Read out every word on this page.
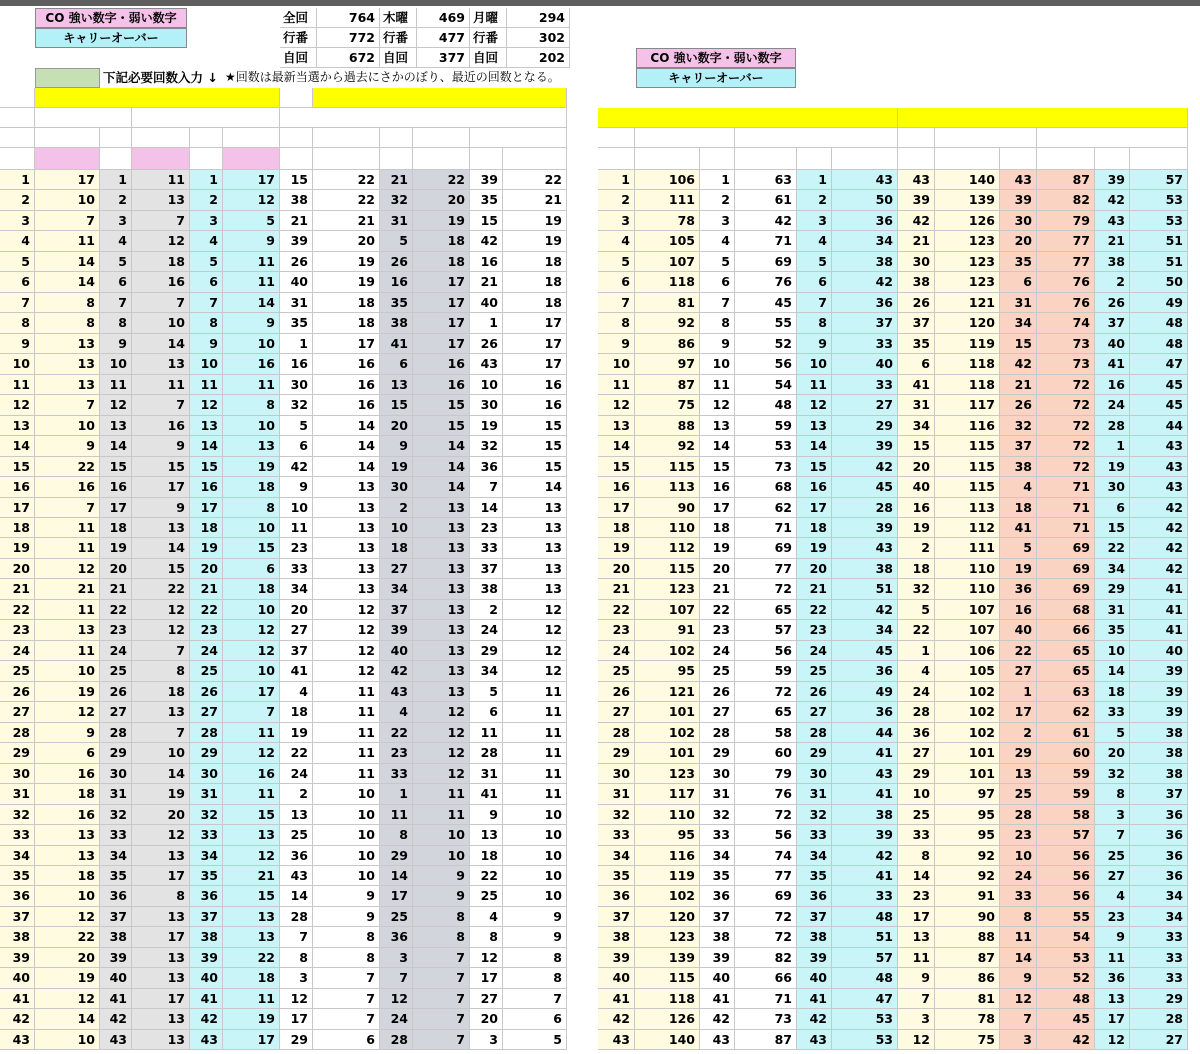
CO 強い数字・弱い数字
キャリーオーバー
CO 強い数字・弱い数字
キャリーオーバー
全回	764 木曜	469 月曜	294
行番	772 行番	477 行番	302
自回	672 自回	377 自回	202
下記必要回数入力 ↓ ★回数は最新当選から過去にさかのぼり、最近の回数となる。
1	17	1	11	1	17	15	22	21	22	39	22
2	10	2	13	2	12	38	22	32	20	35	21
3	7	3	7	3	5	21	21	31	19	15	19
4	11	4	12	4	9	39	20	5	18	42	19
5	14	5	18	5	11	26	19	26	18	16	18
6	14	6	16	6	11	40	19	16	17	21	18
7	8	7	7	7	14	31	18	35	17	40	18
8	8	8	10	8	9	35	18	38	17	1	17
9	13	9	14	9	10	1	17	41	17	26	17
10	13	10	13	10	16	16	16	6	16	43	17
11	13	11	11	11	11	30	16	13	16	10	16
12	7	12	7	12	8	32	16	15	15	30	16
13	10	13	16	13	10	5	14	20	15	19	15
14	9	14	9	14	13	6	14	9	14	32	15
15	22	15	15	15	19	42	14	19	14	36	15
16	16	16	17	16	18	9	13	30	14	7	14
17	7	17	9	17	8	10	13	2	13	14	13
18	11	18	13	18	10	11	13	10	13	23	13
19	11	19	14	19	15	23	13	18	13	33	13
20	12	20	15	20	6	33	13	27	13	37	13
21	21	21	22	21	18	34	13	34	13	38	13
22	11	22	12	22	10	20	12	37	13	2	12
23	13	23	12	23	12	27	12	39	13	24	12
24	11	24	7	24	12	37	12	40	13	29	12
25	10	25	8	25	10	41	12	42	13	34	12
26	19	26	18	26	17	4	11	43	13	5	11
27	12	27	13	27	7	18	11	4	12	6	11
28	9	28	7	28	11	19	11	22	12	11	11
29	6	29	10	29	12	22	11	23	12	28	11
30	16	30	14	30	16	24	11	33	12	31	11
31	18	31	19	31	11	2	10	1	11	41	11
32	16	32	20	32	15	13	10	11	11	9	10
33	13	33	12	33	13	25	10	8	10	13	10
34	13	34	13	34	12	36	10	29	10	18	10
35	18	35	17	35	21	43	10	14	9	22	10
36	10	36	8	36	15	14	9	17	9	25	10
37	12	37	13	37	13	28	9	25	8	4	9
38	22	38	17	38	13	7	8	36	8	8	9
39	20	39	13	39	22	8	8	3	7	12	8
40	19	40	13	40	18	3	7	7	7	17	8
41	12	41	17	41	11	12	7	12	7	27	7
42	14	42	13	42	19	17	7	24	7	20	6
43	10	43	13	43	17	29	6	28	7	3	5
1	106	1	63	1	43	43	140	43	87	39	57
2	111	2	61	2	50	39	139	39	82	42	53
3	78	3	42	3	36	42	126	30	79	43	53
4	105	4	71	4	34	21	123	20	77	21	51
5	107	5	69	5	38	30	123	35	77	38	51
6	118	6	76	6	42	38	123	6	76	2	50
7	81	7	45	7	36	26	121	31	76	26	49
8	92	8	55	8	37	37	120	34	74	37	48
9	86	9	52	9	33	35	119	15	73	40	48
10	97	10	56	10	40	6	118	42	73	41	47
11	87	11	54	11	33	41	118	21	72	16	45
12	75	12	48	12	27	31	117	26	72	24	45
13	88	13	59	13	29	34	116	32	72	28	44
14	92	14	53	14	39	15	115	37	72	1	43
15	115	15	73	15	42	20	115	38	72	19	43
16	113	16	68	16	45	40	115	4	71	30	43
17	90	17	62	17	28	16	113	18	71	6	42
18	110	18	71	18	39	19	112	41	71	15	42
19	112	19	69	19	43	2	111	5	69	22	42
20	115	20	77	20	38	18	110	19	69	34	42
21	123	21	72	21	51	32	110	36	69	29	41
22	107	22	65	22	42	5	107	16	68	31	41
23	91	23	57	23	34	22	107	40	66	35	41
24	102	24	56	24	45	1	106	22	65	10	40
25	95	25	59	25	36	4	105	27	65	14	39
26	121	26	72	26	49	24	102	1	63	18	39
27	101	27	65	27	36	28	102	17	62	33	39
28	102	28	58	28	44	36	102	2	61	5	38
29	101	29	60	29	41	27	101	29	60	20	38
30	123	30	79	30	43	29	101	13	59	32	38
31	117	31	76	31	41	10	97	25	59	8	37
32	110	32	72	32	38	25	95	28	58	3	36
33	95	33	56	33	39	33	95	23	57	7	36
34	116	34	74	34	42	8	92	10	56	25	36
35	119	35	77	35	41	14	92	24	56	27	36
36	102	36	69	36	33	23	91	33	56	4	34
37	120	37	72	37	48	17	90	8	55	23	34
38	123	38	72	38	51	13	88	11	54	9	33
39	139	39	82	39	57	11	87	14	53	11	33
40	115	40	66	40	48	9	86	9	52	36	33
41	118	41	71	41	47	7	81	12	48	13	29
42	126	42	73	42	53	3	78	7	45	17	28
43	140	43	87	43	53	12	75	3	42	12	27
